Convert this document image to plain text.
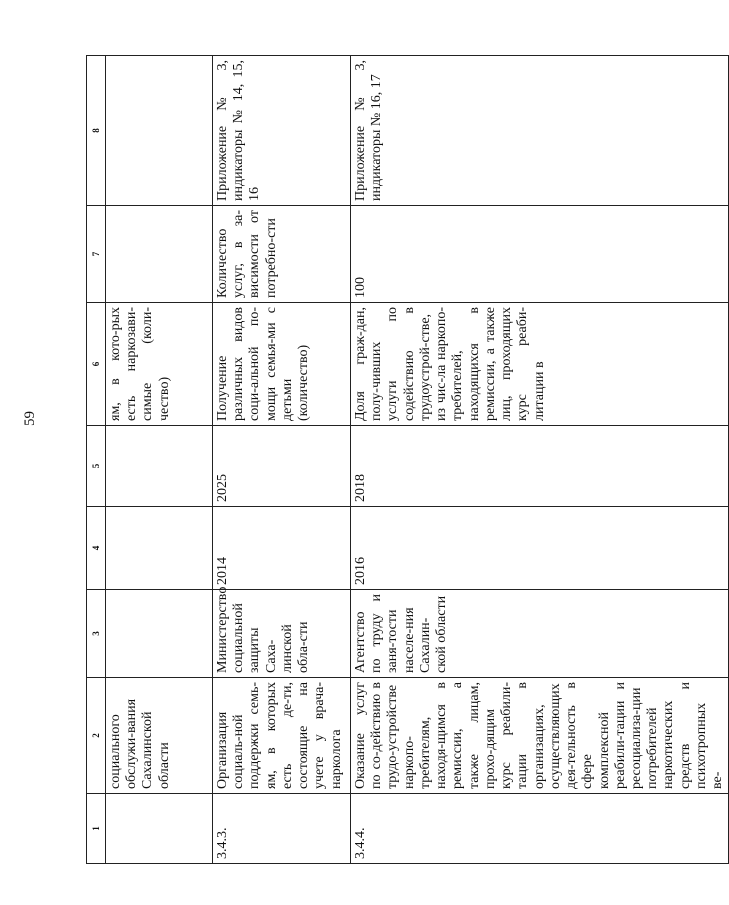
59
1	2	3	4	5	6	7	8
	социального обслужи-вания Сахалинской области				ям, в кото-рых есть наркозави-симые (коли-чество)		
3.4.3.	Организация социаль-ной поддержки семь-ям, в которых есть де-ти, состоящие на учете у врача-нарколога	Министерство социальной защиты Саха-линской обла-сти	2014	2025	Получение различных видов соци-альной по-мощи семья-ми с детьми (количество)	Количество услуг, в за-висимости от потребно-сти	Приложение № 3, индикаторы № 14, 15, 16
3.4.4.	Оказание услуг по со-действию в трудо-устройстве наркопо-требителям, находя-щимся в ремиссии, а также лицам, прохо-дящим курс реабили-тации в организациях, осуществляющих дея-тельность в сфере комплексной реабили-тации и ресоциализа-ции потребителей наркотических средств и психотропных ве-	Агентство по труду и заня-тости населе-ния Сахалин-ской области	2016	2018	Доля граж-дан, полу-чивших услуги по содействию в трудоустрой-стве, из чис-ла наркопо-требителей, находящихся в ремиссии, а также лиц, проходящих курс реаби-литации в	100	Приложение № 3, индикаторы № 16, 17
